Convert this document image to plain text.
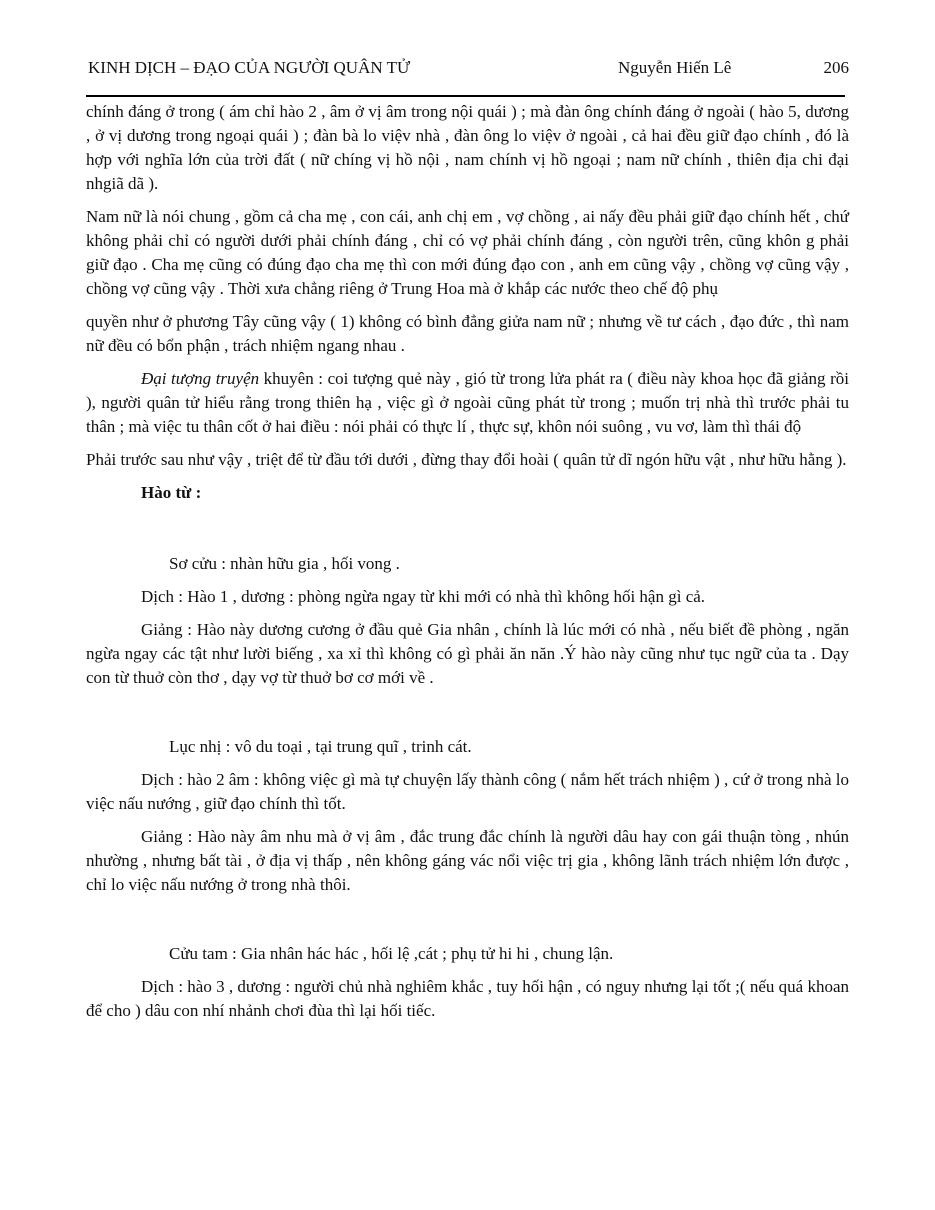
KINH DỊCH – ĐẠO CỦA NGƯỜI QUÂN TỬ	Nguyễn Hiến Lê	206

chính đáng ở trong ( ám chỉ hào 2 , âm ở vị âm trong nội quái ) ; mà đàn ông chính đáng ở ngoài ( hào 5, dương , ở vị dương trong ngoại quái ) ; đàn bà lo việv nhà , đàn ông lo việv ở ngoài , cả hai đều giữ đạo chính , đó là hợp với nghĩa lớn của trời đất ( nữ chíng vị hồ nội , nam chính vị hồ ngoại ; nam nữ chính , thiên địa chi đại nhgiã dã ).

Nam nữ là nói chung , gồm cả cha mẹ , con cái, anh chị em , vợ chồng , ai nấy đều phải giữ đạo chính hết , chứ không phải chỉ có người dưới phải chính đáng , chỉ có vợ phải chính đáng , còn người trên, cũng khôn g phải giữ đạo . Cha mẹ cũng có đúng đạo cha mẹ thì con mới đúng đạo con , anh em cũng vậy , chồng vợ cũng vậy , chồng vợ cũng vậy . Thời xưa chẳng riêng ở Trung Hoa mà ở khắp các nước theo chế độ phụ

quyền như ở phương Tây cũng vậy ( 1) không có bình đẳng giửa nam nữ ; nhưng về tư cách , đạo đức , thì nam nữ đều có bổn phận , trách nhiệm ngang nhau .

Đại tượng truyện khuyên : coi tượng quẻ này , gió từ trong lửa phát ra ( điều này khoa học đã giảng rồi ), người quân tử hiểu rằng trong thiên hạ , việc gì ở ngoài cũng phát từ trong ; muốn trị nhà thì trước phải tu thân ; mà việc tu thân cốt ở hai điều : nói phải có thực lí , thực sự, khôn nói suông , vu vơ, làm thì thái độ

Phải trước sau như vậy , triệt để từ đầu tới dưới , đừng thay đổi hoài ( quân tử dĩ ngón hữu vật , như hữu hằng ).

Hào từ :

Sơ cửu : nhàn hữu gia , hối vong .

Dịch : Hào 1 , dương : phòng ngừa ngay từ khi mới có nhà thì không hối hận gì cả.

Giảng : Hào này dương cương ở đầu quẻ Gia nhân , chính là lúc mới có nhà , nếu biết đề phòng , ngăn ngừa ngay các tật như lười biếng , xa xỉ thì không có gì phải ăn năn .Ý hào này cũng như tục ngữ của ta . Dạy con từ thuở còn thơ , dạy vợ từ thuở bơ cơ mới về .

Lục nhị : vô du toại , tại trung quĩ , trinh cát.

Dịch : hào 2 âm : không việc gì mà tự chuyện lấy thành công ( nắm hết trách nhiệm ) , cứ ở trong nhà lo việc nấu nướng , giữ đạo chính thì tốt.

Giảng : Hào này âm nhu mà ở vị âm , đắc trung đắc chính là người dâu hay con gái thuận tòng , nhún nhường , nhưng bất tài , ở địa vị thấp , nên không gáng vác nổi việc trị gia , không lãnh trách nhiệm lớn được , chỉ lo việc nấu nướng ở trong nhà thôi.

Cửu tam : Gia nhân hác hác , hối lệ ,cát ; phụ tử hi hi , chung lận.

Dịch : hào 3 , dương : người chủ nhà nghiêm khắc , tuy hối hận , có nguy nhưng lại tốt ;( nếu quá khoan để cho ) dâu con nhí nhảnh chơi đùa thì lại hối tiếc.
